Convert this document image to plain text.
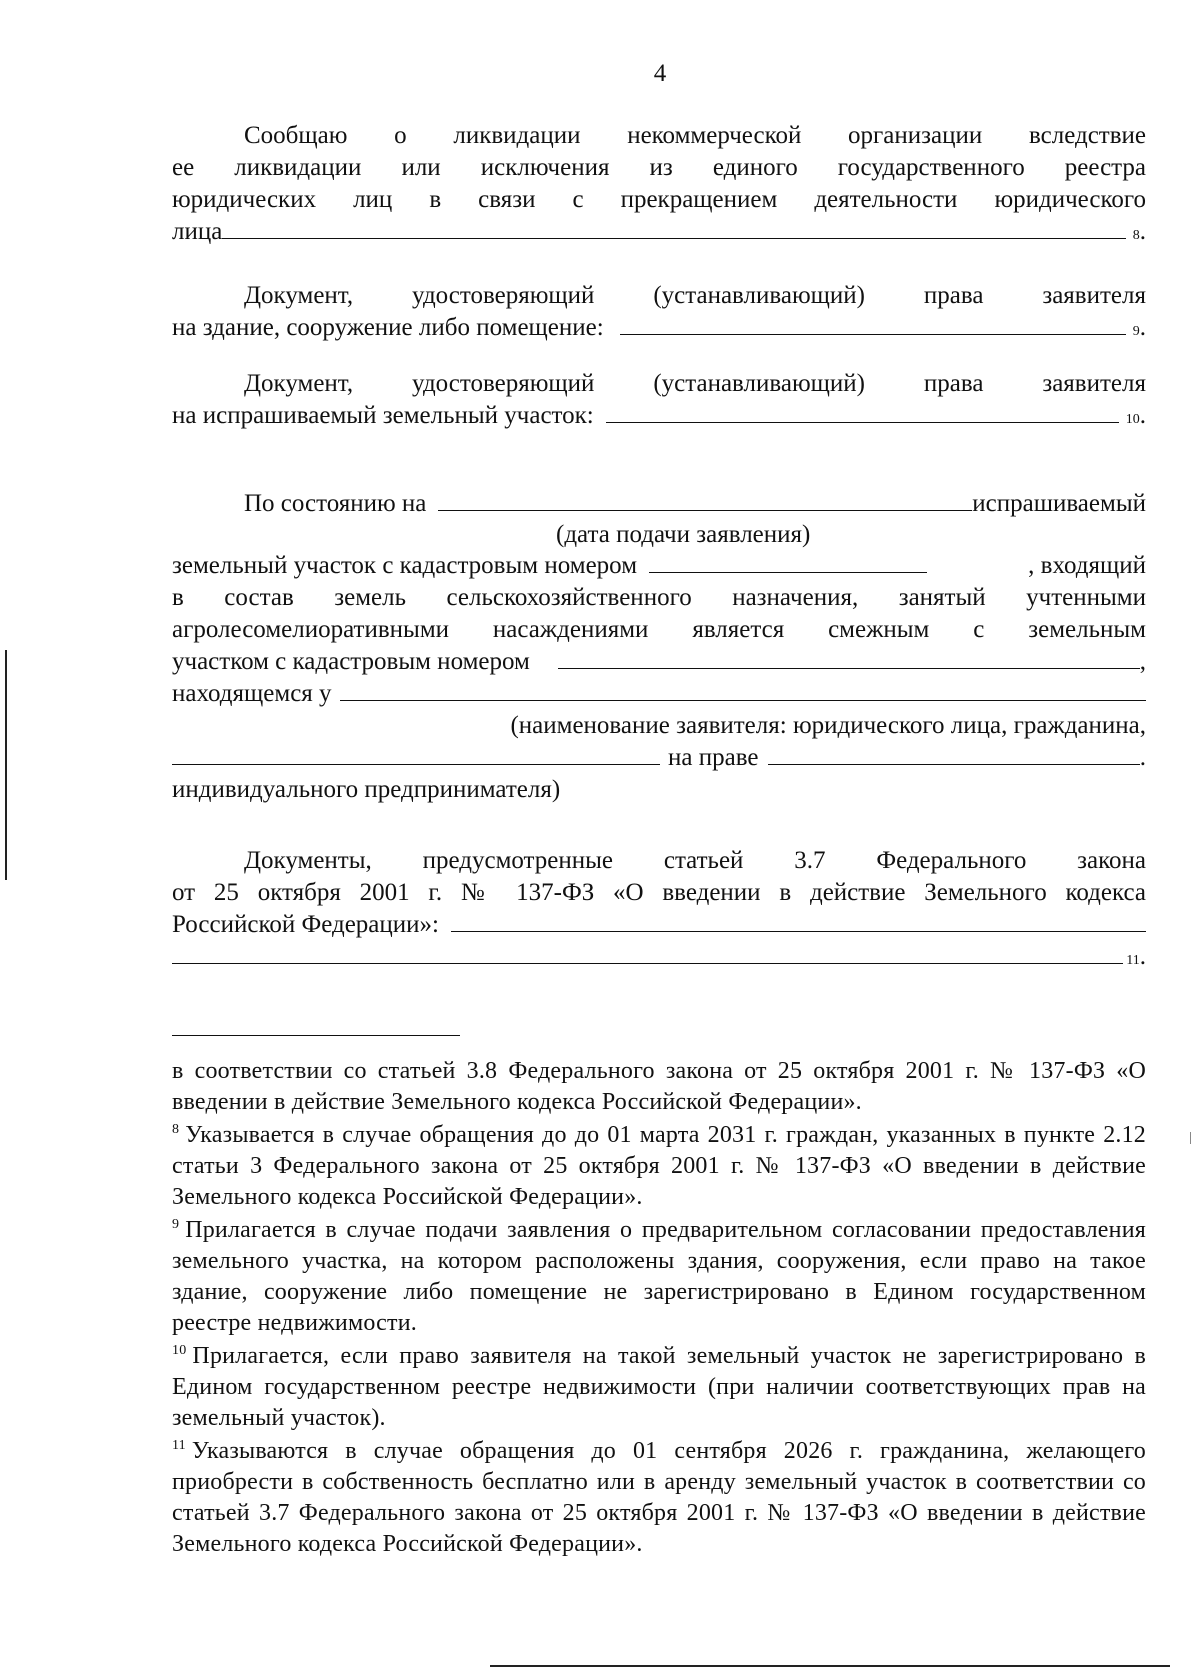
4
Сообщаю о ликвидации некоммерческой организации вследствие
ее ликвидации или исключения из единого государственного реестра
юридических лиц в связи с прекращением деятельности юридического
лица	8 .
Документ, удостоверяющий (устанавливающий) права заявителя
на здание, сооружение либо помещение:	9 .
Документ, удостоверяющий (устанавливающий) права заявителя
на испрашиваемый земельный участок:	10 .
По состоянию на	испрашиваемый
(дата подачи заявления)
земельный участок с кадастровым номером	, входящий
в состав земель сельскохозяйственного назначения, занятый учтенными
агролесомелиоративными насаждениями является смежным с земельным
участком с кадастровым номером	,
находящемся у
(наименование заявителя: юридического лица, гражданина,
на праве	.
индивидуального предпринимателя)
Документы, предусмотренные статьей 3.7 Федерального закона
от 25 октября 2001 г. № 137-ФЗ «О введении в действие Земельного кодекса
Российской Федерации»:
11 .

в соответствии со статьей 3.8 Федерального закона от 25 октября 2001 г. № 137-ФЗ «О введении в действие Земельного кодекса Российской Федерации».

$^8$ Указывается в случае обращения до до 01 марта 2031 г. граждан, указанных в пункте 2.12 статьи 3 Федерального закона от 25 октября 2001 г. № 137-ФЗ «О введении в действие Земельного кодекса Российской Федерации».

$^9$ Прилагается в случае подачи заявления о предварительном согласовании предоставления земельного участка, на котором расположены здания, сооружения, если право на такое здание, сооружение либо помещение не зарегистрировано в Едином государственном реестре недвижимости.

$^{10}$ Прилагается, если право заявителя на такой земельный участок не зарегистрировано в Едином государственном реестре недвижимости (при наличии соответствующих прав на земельный участок).

$^{11}$ Указываются в случае обращения до 01 сентября 2026 г. гражданина, желающего приобрести в собственность бесплатно или в аренду земельный участок в соответствии со статьей 3.7 Федерального закона от 25 октября 2001 г. № 137-ФЗ «О введении в действие Земельного кодекса Российской Федерации».
